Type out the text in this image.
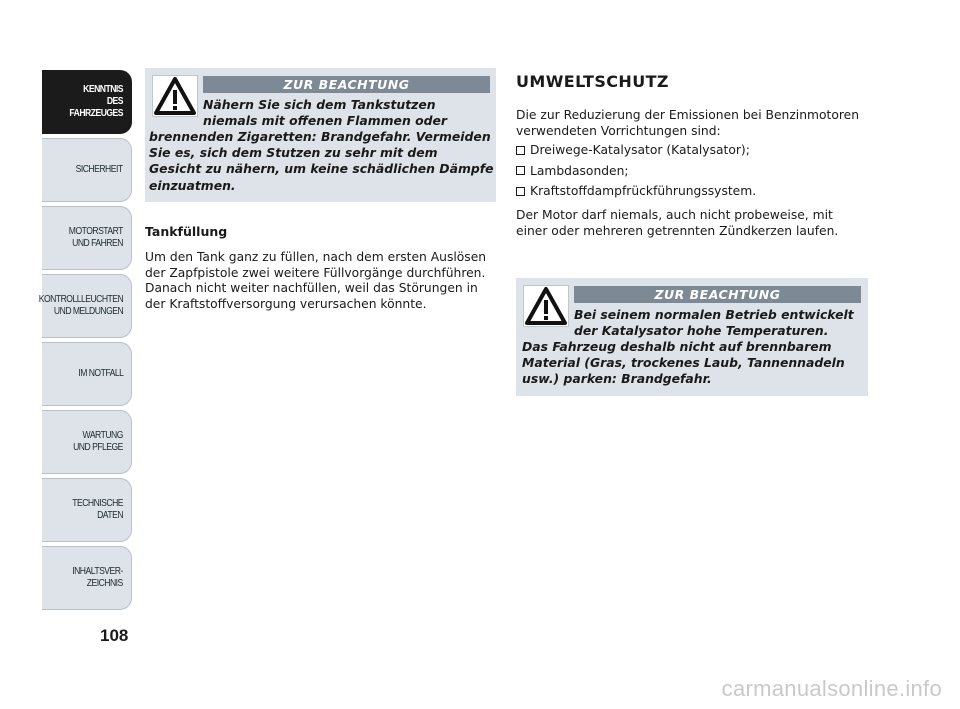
KENNTNIS
DES FAHRZEUGES
SICHERHEIT
MOTORSTART
UND FAHREN
KONTROLLLEUCHTEN
UND MELDUNGEN
IM NOTFALL
WARTUNG
UND PFLEGE
TECHNISCHE
DATEN
INHALTSVER-
ZEICHNIS
108
ZUR BEACHTUNG
Nähern Sie sich dem Tankstutzen niemals mit offenen Flammen oder
brennenden Zigaretten: Brandgefahr. Vermeiden Sie es, sich dem Stutzen zu sehr mit dem Gesicht zu nähern, um keine schädlichen Dämpfe einzuatmen.
Tankfüllung
Um den Tank ganz zu füllen, nach dem ersten Auslösen der Zapfpistole zwei weitere Füllvorgänge durchführen. Danach nicht weiter nachfüllen, weil das Störungen in der Kraftstoffversorgung verursachen könnte.
UMWELTSCHUTZ
Die zur Reduzierung der Emissionen bei Benzinmotoren verwendeten Vorrichtungen sind:
Dreiwege-Katalysator (Katalysator);
Lambdasonden;
Kraftstoffdampfrückführungssystem.
Der Motor darf niemals, auch nicht probeweise, mit einer oder mehreren getrennten Zündkerzen laufen.
ZUR BEACHTUNG
Bei seinem normalen Betrieb entwickelt der Katalysator hohe Temperaturen.
Das Fahrzeug deshalb nicht auf brennbarem Material (Gras, trockenes Laub, Tannennadeln usw.) parken: Brandgefahr.
carmanualsonline.info
